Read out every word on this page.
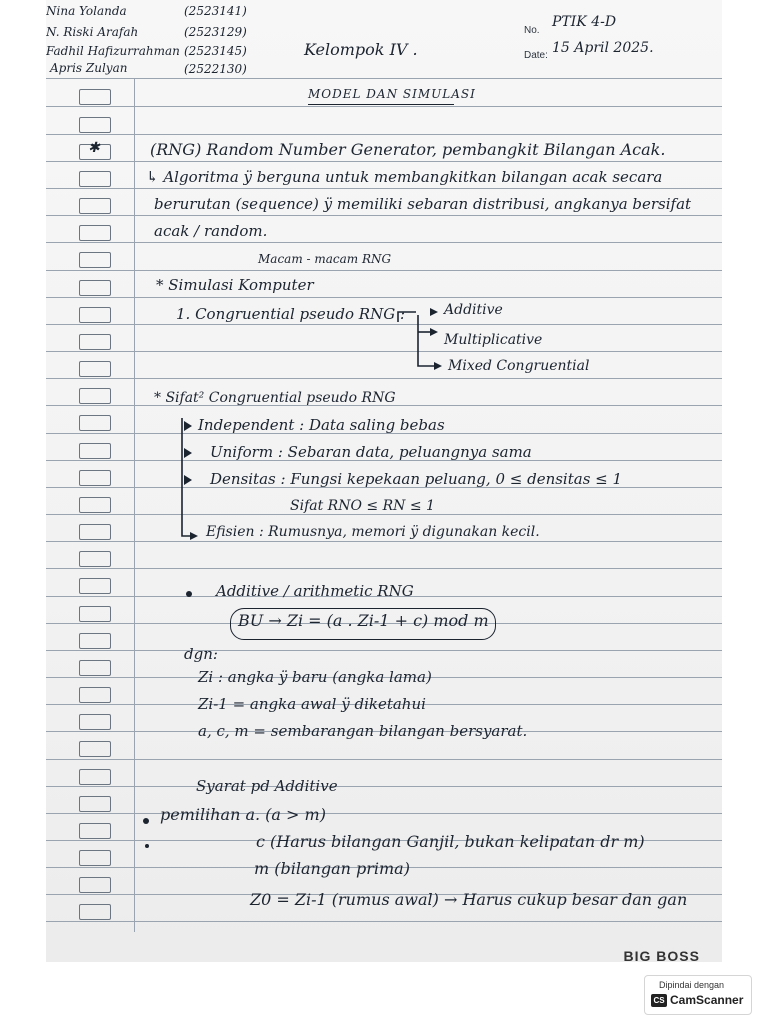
Nina Yolanda	(2523141)
N. Riski Arafah	(2523129)
Fadhil Hafizurrahman (2523145)
Apris Zulyan	(2522130)
Kelompok IV .
No.
PTIK 4-D
Date: 15 April 2025.
MODEL DAN SIMULASI
✱	(RNG) Random Number Generator, pembangkit Bilangan Acak.
↳ Algoritma ÿ berguna untuk membangkitkan bilangan acak secara
berurutan (sequence) ÿ memiliki sebaran distribusi, angkanya bersifat
acak / random.
Macam - macam RNG
* Simulasi Komputer
1. Congruential pseudo RNG :	Additive
Multiplicative
Mixed Congruential
* Sifat² Congruential pseudo RNG
Independent : Data saling bebas
Uniform : Sebaran data, peluangnya sama
Densitas : Fungsi kepekaan peluang, 0 ≤ densitas ≤ 1
Sifat RNO ≤ RN ≤ 1
Efisien : Rumusnya, memori ÿ digunakan kecil.
Additive / arithmetic RNG
BU → Zi = (a . Zi-1 + c) mod m
dgn:
Zi : angka ÿ baru (angka lama)
Zi-1 = angka awal ÿ diketahui
a, c, m = sembarangan bilangan bersyarat.
Syarat pd Additive
pemilihan a. (a > m)
c (Harus bilangan Ganjil, bukan kelipatan dr m)
m (bilangan prima)
Z0 = Zi-1 (rumus awal) → Harus cukup besar dan gan
BIG BOSS
Dipindai dengan
CS CamScanner
